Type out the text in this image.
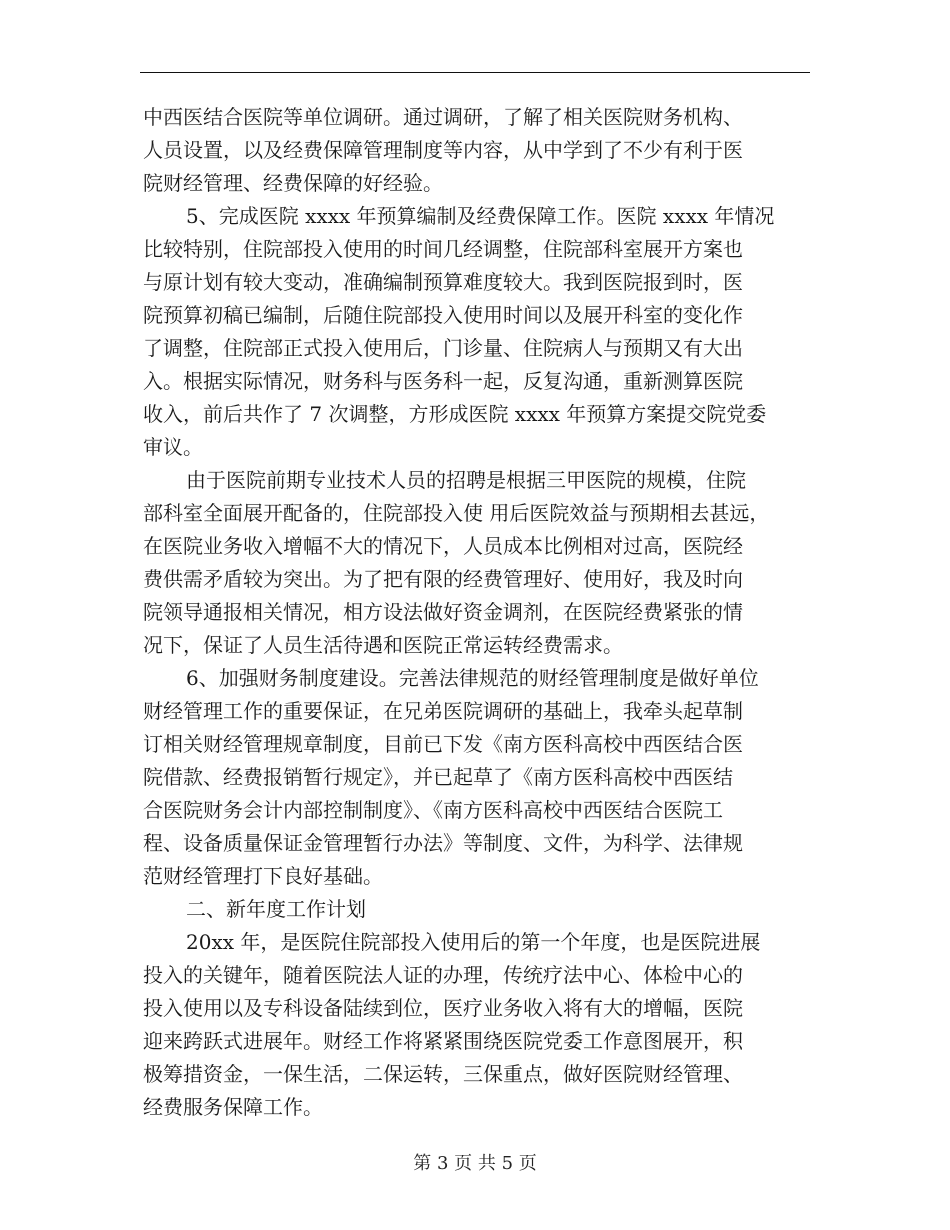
中西医结合医院等单位调研。通过调研，了解了相关医院财务机构、
人员设置，以及经费保障管理制度等内容，从中学到了不少有利于医
院财经管理、经费保障的好经验。
5、完成医院 xxxx 年预算编制及经费保障工作。医院 xxxx 年情况
比较特别，住院部投入使用的时间几经调整，住院部科室展开方案也
与原计划有较大变动，准确编制预算难度较大。我到医院报到时，医
院预算初稿已编制，后随住院部投入使用时间以及展开科室的变化作
了调整，住院部正式投入使用后，门诊量、住院病人与预期又有大出
入。根据实际情况，财务科与医务科一起，反复沟通，重新测算医院
收入，前后共作了 7 次调整，方形成医院 xxxx 年预算方案提交院党委
审议。
由于医院前期专业技术人员的招聘是根据三甲医院的规模，住院
部科室全面展开配备的，住院部投入使 用后医院效益与预期相去甚远，
在医院业务收入增幅不大的情况下，人员成本比例相对过高，医院经
费供需矛盾较为突出。为了把有限的经费管理好、使用好，我及时向
院领导通报相关情况，相方设法做好资金调剂，在医院经费紧张的情
况下，保证了人员生活待遇和医院正常运转经费需求。
6、加强财务制度建设。完善法律规范的财经管理制度是做好单位
财经管理工作的重要保证，在兄弟医院调研的基础上，我牵头起草制
订相关财经管理规章制度，目前已下发《南方医科高校中西医结合医
院借款、经费报销暂行规定》，并已起草了《南方医科高校中西医结
合医院财务会计内部控制制度》、《南方医科高校中西医结合医院工
程、设备质量保证金管理暂行办法》等制度、文件，为科学、法律规
范财经管理打下良好基础。
二、新年度工作计划
20xx 年，是医院住院部投入使用后的第一个年度，也是医院进展
投入的关键年，随着医院法人证的办理，传统疗法中心、体检中心的
投入使用以及专科设备陆续到位，医疗业务收入将有大的增幅，医院
迎来跨跃式进展年。财经工作将紧紧围绕医院党委工作意图展开，积
极筹措资金，一保生活，二保运转，三保重点，做好医院财经管理、
经费服务保障工作。
第 3 页 共 5 页
